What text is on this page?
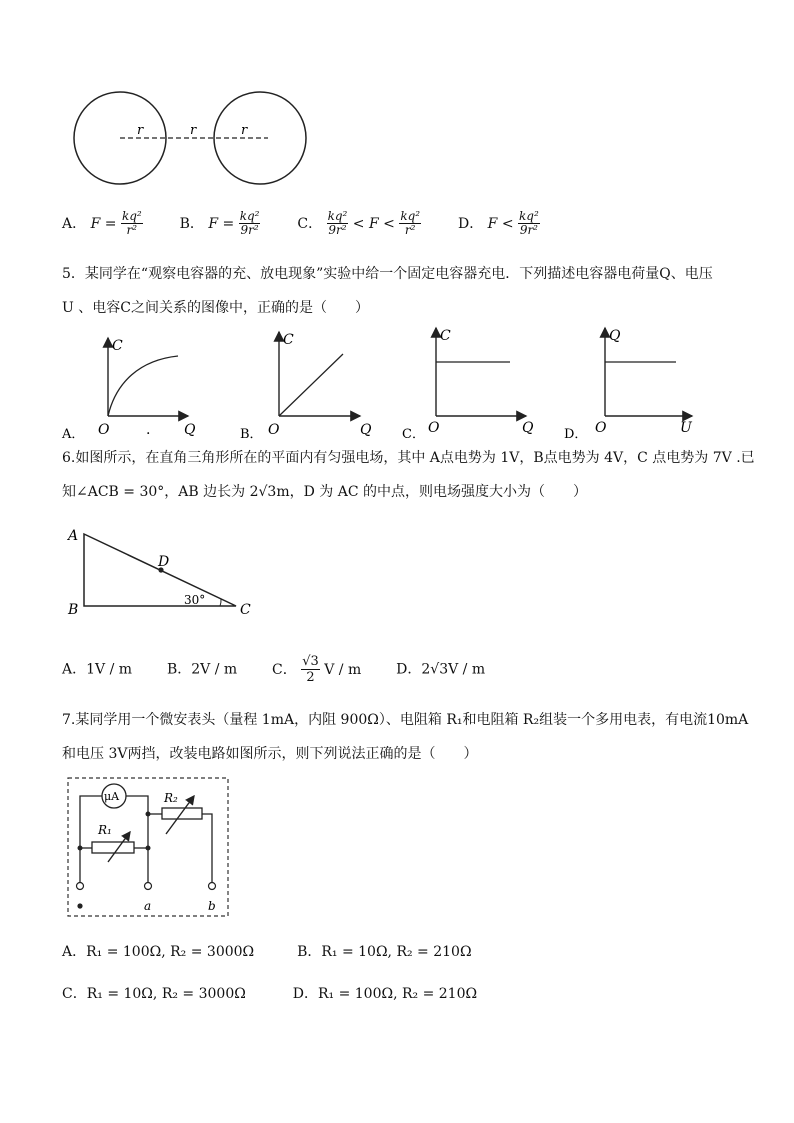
r	r	r
A． $F = \frac{\text{kq²}}{\text{r²}}$	B． $F = \frac{\text{kq²}}{\text{9r²}}$	C． $\frac{\text{kq²}}{\text{9r²}} < F < \frac{\text{kq²}}{\text{r²}}$	D． $F < \frac{\text{kq²}}{\text{9r²}}$
5．某同学在“观察电容器的充、放电现象”实验中给一个固定电容器充电．下列描述电容器电荷量Q、电压
U 、电容C之间关系的图像中，正确的是（　　）
C
O	Q
.
A．
C
O	Q
B．
C
O	Q
C．
Q
O	U
D．
6.如图所示，在直角三角形所在的平面内有匀强电场，其中 A点电势为 1V，B点电势为 4V，C 点电势为 7V .已
知∠ACB = 30°，AB 边长为 2√3m，D 为 AC 的中点，则电场强度大小为（　　）
A
B	C
D
30°
A．1V / m B．2V / m C． $\frac{√3}{2}$ V / m D．2√3V / m
7.某同学用一个微安表头（量程 1mA，内阻 900Ω）、电阻箱 R₁和电阻箱 R₂组装一个多用电表，有电流10mA
和电压 3V两挡，改装电路如图所示，则下列说法正确的是（　　）
μA
R₁
R₂
a	b
A．R₁ = 100Ω, R₂ = 3000Ω	B．R₁ = 10Ω, R₂ = 210Ω
C．R₁ = 10Ω, R₂ = 3000Ω	D．R₁ = 100Ω, R₂ = 210Ω
